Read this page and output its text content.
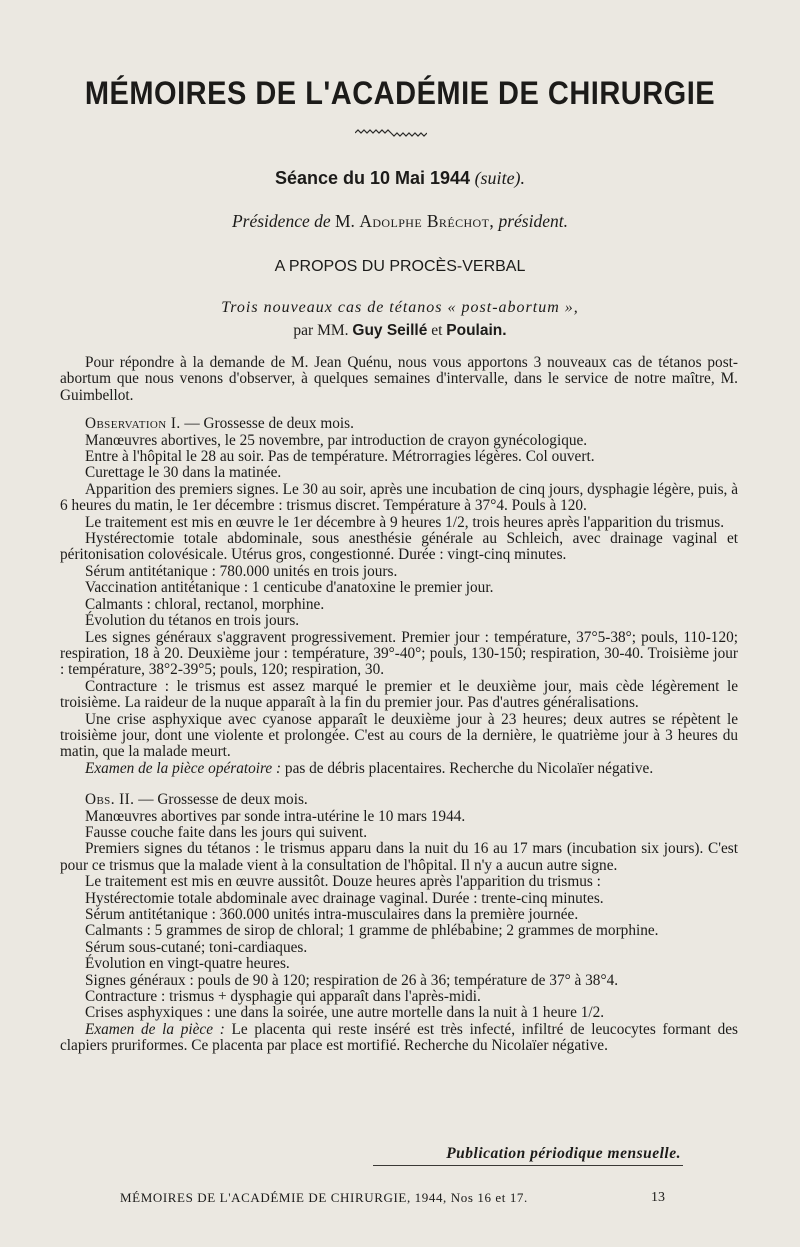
MÉMOIRES DE L'ACADÉMIE DE CHIRURGIE
Séance du 10 Mai 1944 (suite).
Présidence de M. Adolphe Bréchot, président.
A PROPOS DU PROCÈS-VERBAL
Trois nouveaux cas de tétanos « post-abortum »,
par MM. Guy Seillé et Poulain.

Pour répondre à la demande de M. Jean Quénu, nous vous apportons 3 nouveaux cas de tétanos post-abortum que nous venons d'observer, à quelques semaines d'intervalle, dans le service de notre maître, M. Guimbellot.

Observation I. — Grossesse de deux mois.

Manœuvres abortives, le 25 novembre, par introduction de crayon gynécologique.

Entre à l'hôpital le 28 au soir. Pas de température. Métrorragies légères. Col ouvert.

Curettage le 30 dans la matinée.

Apparition des premiers signes. Le 30 au soir, après une incubation de cinq jours, dysphagie légère, puis, à 6 heures du matin, le 1er décembre : trismus discret. Température à 37°4. Pouls à 120.

Le traitement est mis en œuvre le 1er décembre à 9 heures 1/2, trois heures après l'apparition du trismus.

Hystérectomie totale abdominale, sous anesthésie générale au Schleich, avec drainage vaginal et péritonisation colovésicale. Utérus gros, congestionné. Durée : vingt-cinq minutes.

Sérum antitétanique : 780.000 unités en trois jours.

Vaccination antitétanique : 1 centicube d'anatoxine le premier jour.

Calmants : chloral, rectanol, morphine.

Évolution du tétanos en trois jours.

Les signes généraux s'aggravent progressivement. Premier jour : température, 37°5-38°; pouls, 110-120; respiration, 18 à 20. Deuxième jour : température, 39°-40°; pouls, 130-150; respiration, 30-40. Troisième jour : température, 38°2-39°5; pouls, 120; respiration, 30.

Contracture : le trismus est assez marqué le premier et le deuxième jour, mais cède légèrement le troisième. La raideur de la nuque apparaît à la fin du premier jour. Pas d'autres généralisations.

Une crise asphyxique avec cyanose apparaît le deuxième jour à 23 heures; deux autres se répètent le troisième jour, dont une violente et prolongée. C'est au cours de la dernière, le quatrième jour à 3 heures du matin, que la malade meurt.

Examen de la pièce opératoire : pas de débris placentaires. Recherche du Nicolaïer négative.

Obs. II. — Grossesse de deux mois.

Manœuvres abortives par sonde intra-utérine le 10 mars 1944.

Fausse couche faite dans les jours qui suivent.

Premiers signes du tétanos : le trismus apparu dans la nuit du 16 au 17 mars (incubation six jours). C'est pour ce trismus que la malade vient à la consultation de l'hôpital. Il n'y a aucun autre signe.

Le traitement est mis en œuvre aussitôt. Douze heures après l'apparition du trismus :

Hystérectomie totale abdominale avec drainage vaginal. Durée : trente-cinq minutes.

Sérum antitétanique : 360.000 unités intra-musculaires dans la première journée.

Calmants : 5 grammes de sirop de chloral; 1 gramme de phlébabine; 2 grammes de morphine.

Sérum sous-cutané; toni-cardiaques.

Évolution en vingt-quatre heures.

Signes généraux : pouls de 90 à 120; respiration de 26 à 36; température de 37° à 38°4.

Contracture : trismus + dysphagie qui apparaît dans l'après-midi.

Crises asphyxiques : une dans la soirée, une autre mortelle dans la nuit à 1 heure 1/2.

Examen de la pièce : Le placenta qui reste inséré est très infecté, infiltré de leucocytes formant des clapiers pruriformes. Ce placenta par place est mortifié. Recherche du Nicolaïer négative.

Publication périodique mensuelle.
MÉMOIRES DE L'ACADÉMIE DE CHIRURGIE, 1944, Nos 16 et 17.	13
